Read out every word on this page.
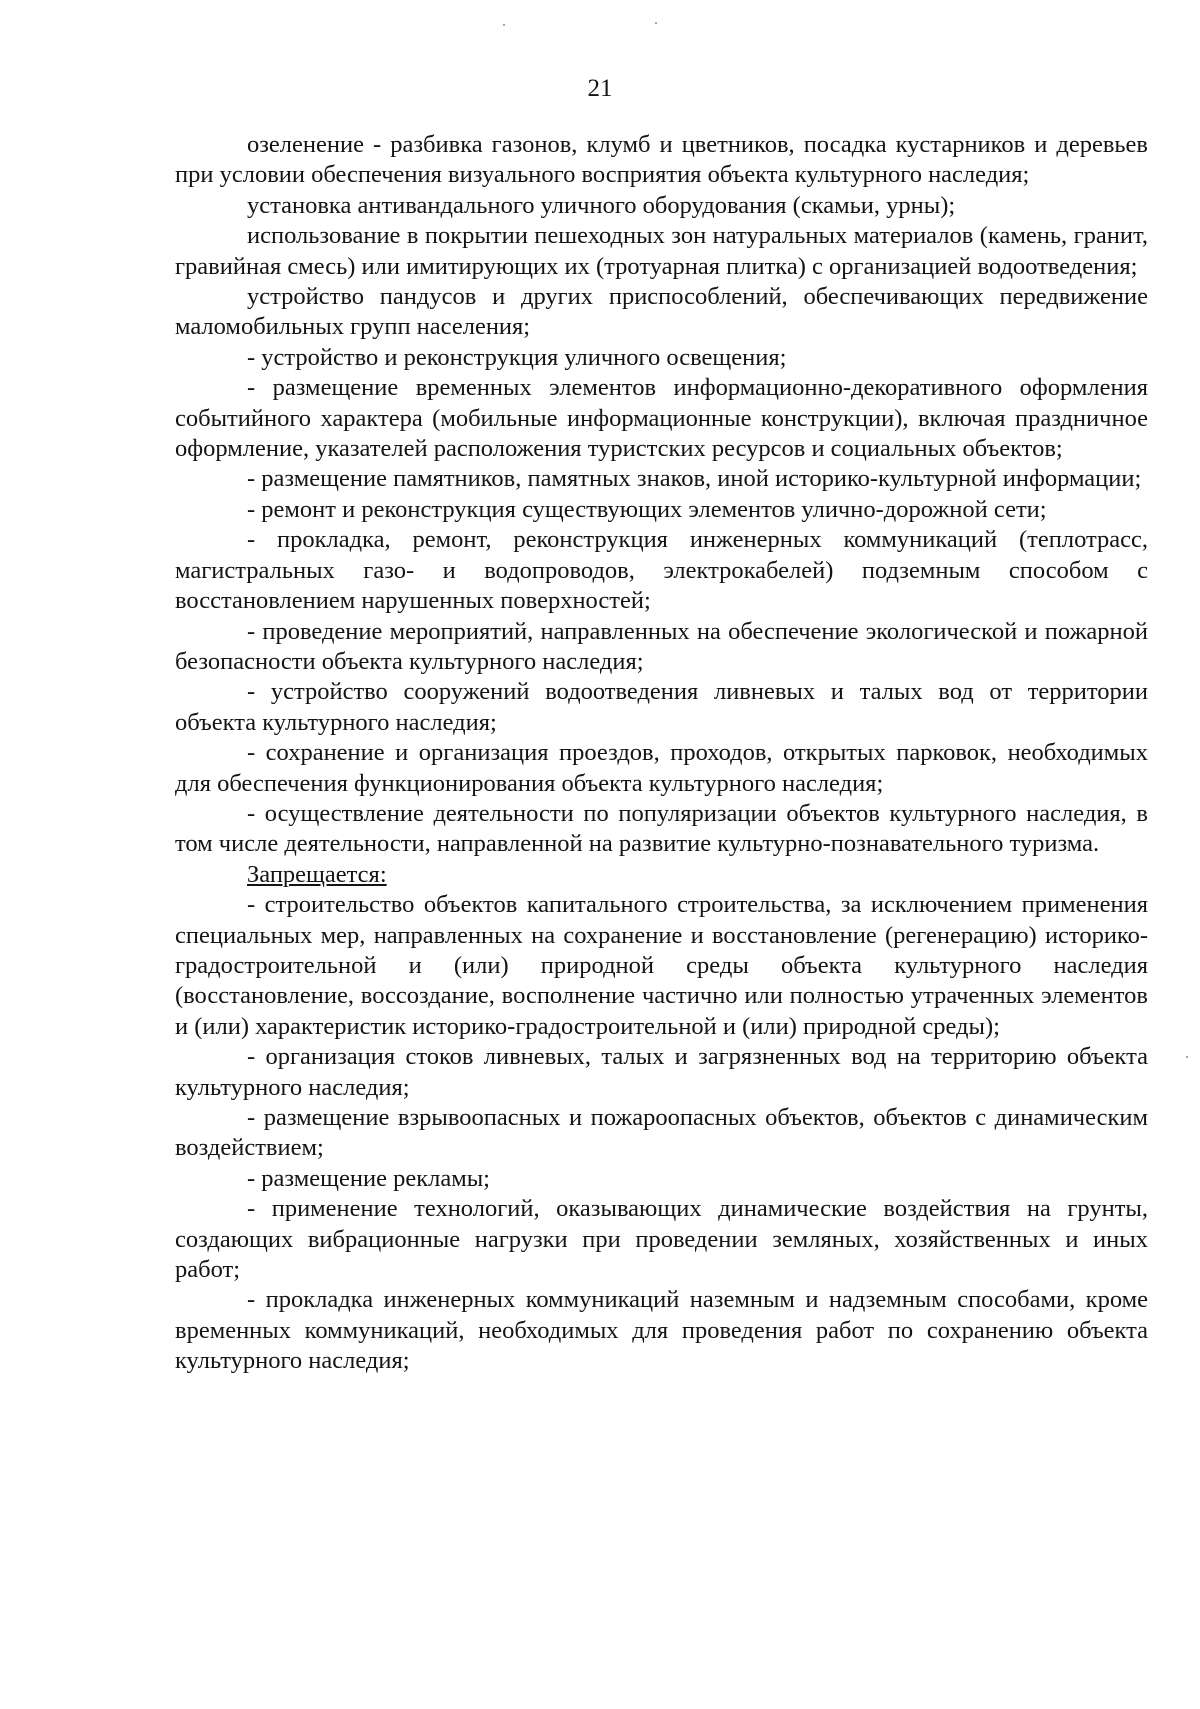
21

озеленение - разбивка газонов, клумб и цветников, посадка кустарников и деревьев при условии обеспечения визуального восприятия объекта культурного наследия;

установка антивандального уличного оборудования (скамьи, урны);

использование в покрытии пешеходных зон натуральных материалов (камень, гранит, гравийная смесь) или имитирующих их (тротуарная плитка) с организацией водоотведения;

устройство пандусов и других приспособлений, обеспечивающих передвижение маломобильных групп населения;

- устройство и реконструкция уличного освещения;

- размещение временных элементов информационно-декоративного оформления событийного характера (мобильные информационные конструкции), включая праздничное оформление, указателей расположения туристских ресурсов и социальных объектов;

- размещение памятников, памятных знаков, иной историко-культурной информации;

- ремонт и реконструкция существующих элементов улично-дорожной сети;

- прокладка, ремонт, реконструкция инженерных коммуникаций (теплотрасс, магистральных газо- и водопроводов, электрокабелей) подземным способом с восстановлением нарушенных поверхностей;

- проведение мероприятий, направленных на обеспечение экологической и пожарной безопасности объекта культурного наследия;

- устройство сооружений водоотведения ливневых и талых вод от территории объекта культурного наследия;

- сохранение и организация проездов, проходов, открытых парковок, необходимых для обеспечения функционирования объекта культурного наследия;

- осуществление деятельности по популяризации объектов культурного наследия, в том числе деятельности, направленной на развитие культурно-познавательного туризма.

Запрещается:

- строительство объектов капитального строительства, за исключением применения специальных мер, направленных на сохранение и восстановление (регенерацию) историко-градостроительной и (или) природной среды объекта культурного наследия (восстановление, воссоздание, восполнение частично или полностью утраченных элементов и (или) характеристик историко-градостроительной и (или) природной среды);

- организация стоков ливневых, талых и загрязненных вод на территорию объекта культурного наследия;

- размещение взрывоопасных и пожароопасных объектов, объектов с динамическим воздействием;

- размещение рекламы;

- применение технологий, оказывающих динамические воздействия на грунты, создающих вибрационные нагрузки при проведении земляных, хозяйственных и иных работ;

- прокладка инженерных коммуникаций наземным и надземным способами, кроме временных коммуникаций, необходимых для проведения работ по сохранению объекта культурного наследия;
